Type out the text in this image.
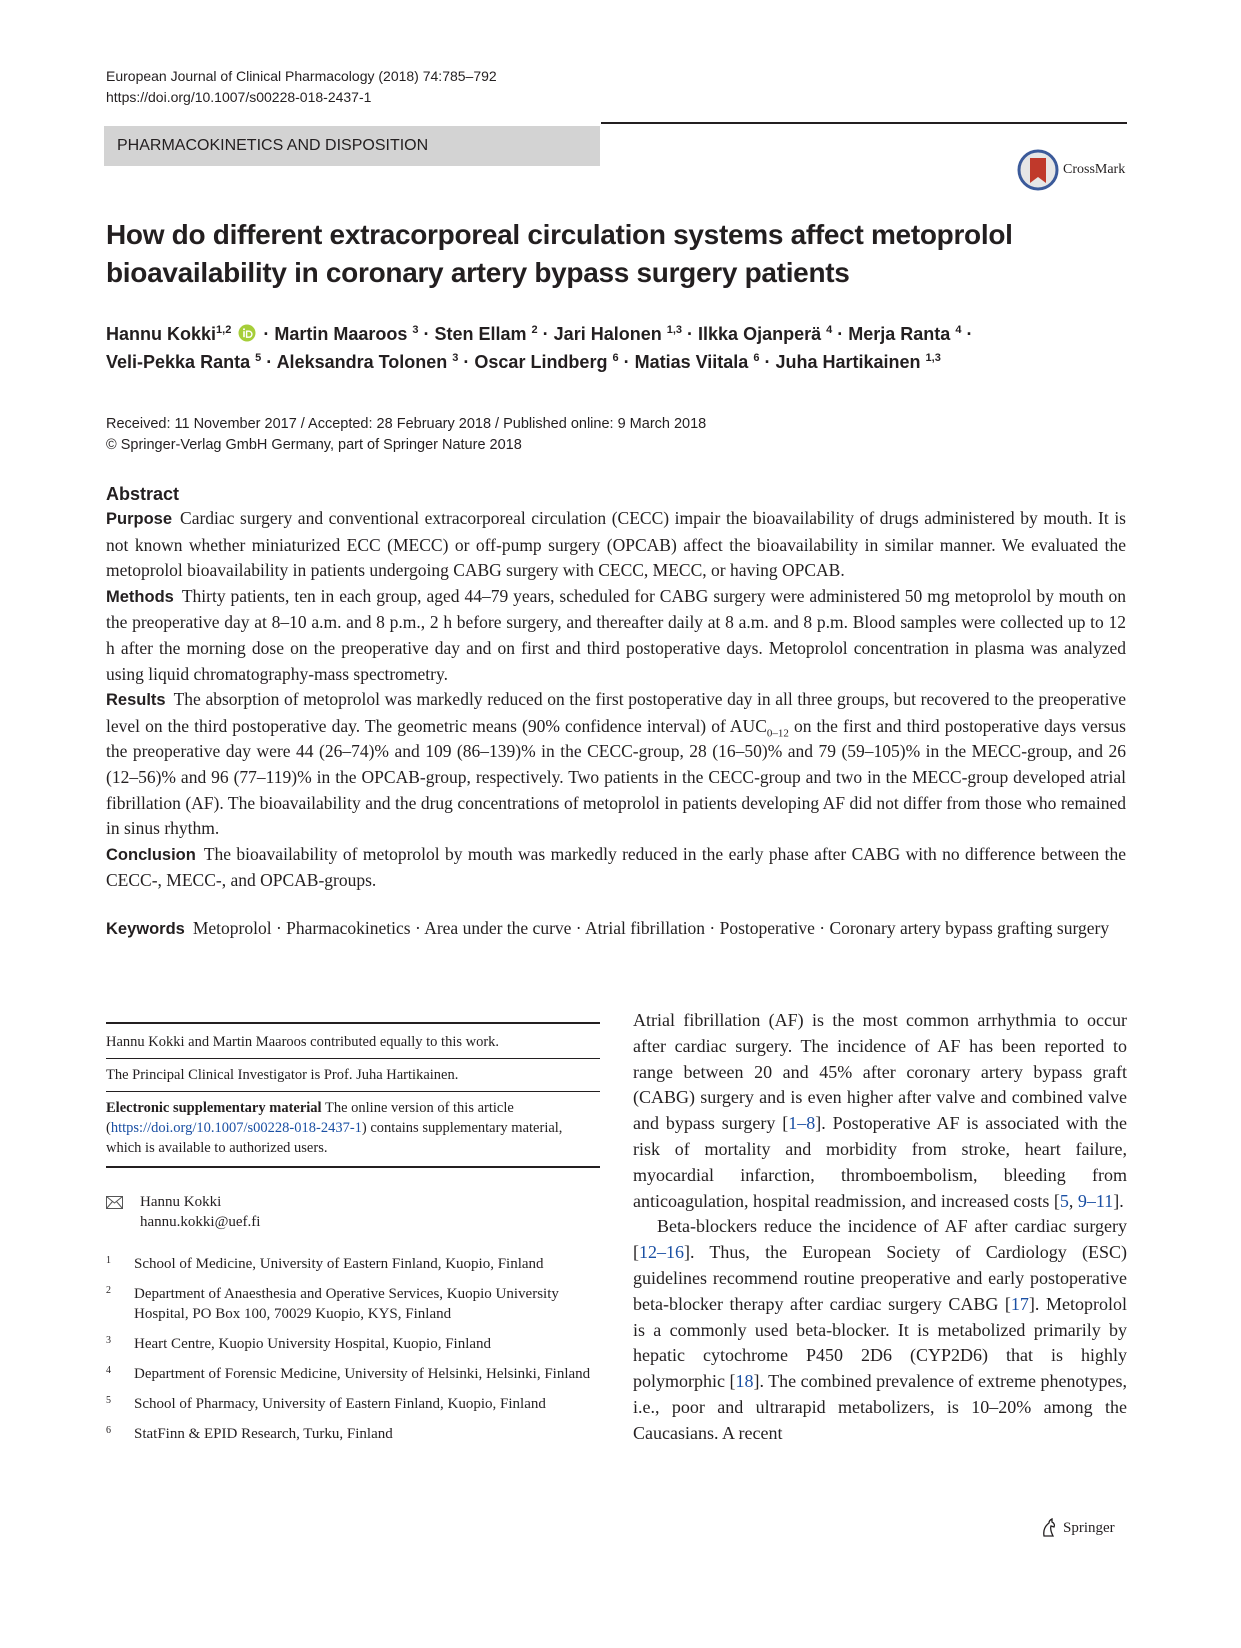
European Journal of Clinical Pharmacology (2018) 74:785–792
https://doi.org/10.1007/s00228-018-2437-1
PHARMACOKINETICS AND DISPOSITION
CrossMark
How do different extracorporeal circulation systems affect metoprolol bioavailability in coronary artery bypass surgery patients
Hannu Kokki$^{1,2}$  · Martin Maaroos $^3$ · Sten Ellam $^2$ · Jari Halonen $^{1,3}$ · Ilkka Ojanperä $^4$ · Merja Ranta $^4$ ·
Veli-Pekka Ranta $^5$ · Aleksandra Tolonen $^3$ · Oscar Lindberg $^6$ · Matias Viitala $^6$ · Juha Hartikainen $^{1,3}$
Received: 11 November 2017 / Accepted: 28 February 2018 / Published online: 9 March 2018
© Springer-Verlag GmbH Germany, part of Springer Nature 2018
Abstract

Purpose Cardiac surgery and conventional extracorporeal circulation (CECC) impair the bioavailability of drugs administered by mouth. It is not known whether miniaturized ECC (MECC) or off-pump surgery (OPCAB) affect the bioavailability in similar manner. We evaluated the metoprolol bioavailability in patients undergoing CABG surgery with CECC, MECC, or having OPCAB.

Methods Thirty patients, ten in each group, aged 44–79 years, scheduled for CABG surgery were administered 50 mg metoprolol by mouth on the preoperative day at 8–10 a.m. and 8 p.m., 2 h before surgery, and thereafter daily at 8 a.m. and 8 p.m. Blood samples were collected up to 12 h after the morning dose on the preoperative day and on first and third postoperative days. Metoprolol concentration in plasma was analyzed using liquid chromatography-mass spectrometry.

Results The absorption of metoprolol was markedly reduced on the first postoperative day in all three groups, but recovered to the preoperative level on the third postoperative day. The geometric means (90% confidence interval) of $AUC_{0-12}$ on the first and third postoperative days versus the preoperative day were 44 (26–74)% and 109 (86–139)% in the CECC-group, 28 (16–50)% and 79 (59–105)% in the MECC-group, and 26 (12–56)% and 96 (77–119)% in the OPCAB-group, respectively. Two patients in the CECC-group and two in the MECC-group developed atrial fibrillation (AF). The bioavailability and the drug concentrations of metoprolol in patients developing AF did not differ from those who remained in sinus rhythm.

Conclusion The bioavailability of metoprolol by mouth was markedly reduced in the early phase after CABG with no difference between the CECC-, MECC-, and OPCAB-groups.

Keywords Metoprolol · Pharmacokinetics · Area under the curve · Atrial fibrillation · Postoperative · Coronary artery bypass grafting surgery

Hannu Kokki and Martin Maaroos contributed equally to this work.
The Principal Clinical Investigator is Prof. Juha Hartikainen.
Electronic supplementary material The online version of this article (https://doi.org/10.1007/s00228-018-2437-1) contains supplementary material, which is available to authorized users.
Hannu Kokki
hannu.kokki@uef.fi
1	School of Medicine, University of Eastern Finland, Kuopio, Finland
2	Department of Anaesthesia and Operative Services, Kuopio University Hospital, PO Box 100, 70029 Kuopio, KYS, Finland
3	Heart Centre, Kuopio University Hospital, Kuopio, Finland
4	Department of Forensic Medicine, University of Helsinki, Helsinki, Finland
5	School of Pharmacy, University of Eastern Finland, Kuopio, Finland
6	StatFinn & EPID Research, Turku, Finland

Atrial fibrillation (AF) is the most common arrhythmia to occur after cardiac surgery. The incidence of AF has been reported to range between 20 and 45% after coronary artery bypass graft (CABG) surgery and is even higher after valve and combined valve and bypass surgery [1–8]. Postoperative AF is associated with the risk of mortality and morbidity from stroke, heart failure, myocardial infarction, thromboembolism, bleeding from anticoagulation, hospital readmission, and increased costs [5, 9–11].

Beta-blockers reduce the incidence of AF after cardiac surgery [12–16]. Thus, the European Society of Cardiology (ESC) guidelines recommend routine preoperative and early postoperative beta-blocker therapy after cardiac surgery CABG [17]. Metoprolol is a commonly used beta-blocker. It is metabolized primarily by hepatic cytochrome P450 2D6 (CYP2D6) that is highly polymorphic [18]. The combined prevalence of extreme phenotypes, i.e., poor and ultrarapid metabolizers, is 10–20% among the Caucasians. A recent

Springer
